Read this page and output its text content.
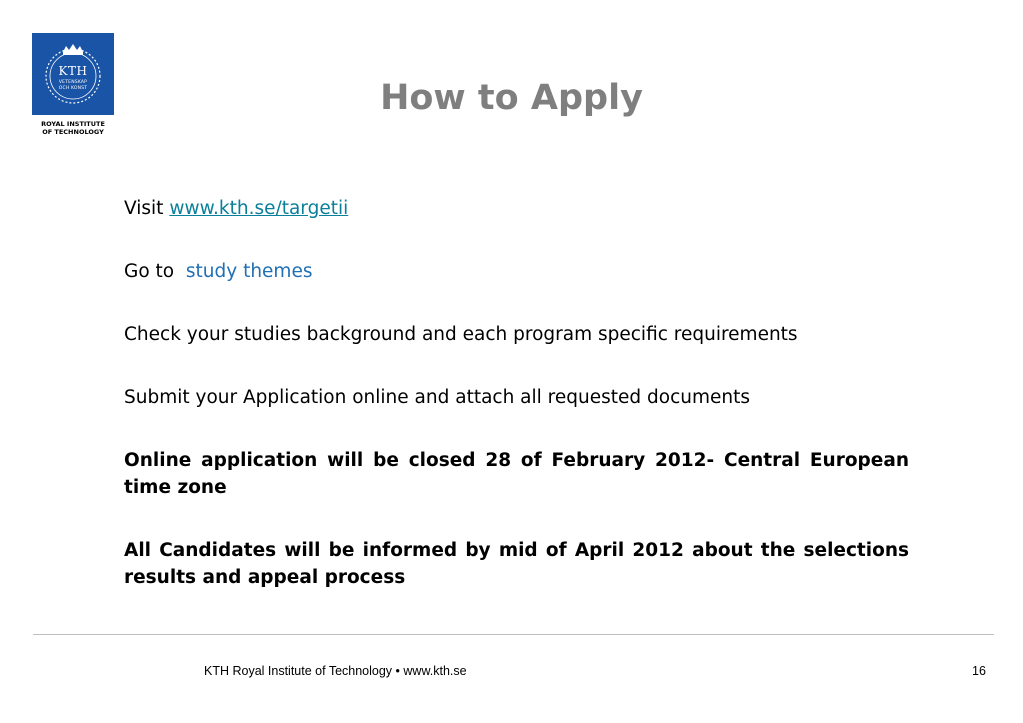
KTH
VETENSKAP
OCH KONST
ROYAL INSTITUTE
OF TECHNOLOGY
How to Apply

Visit www.kth.se/targetii

Go to study themes

Check your studies background and each program specific requirements

Submit your Application online and attach all requested documents

Online application will be closed 28 of February 2012- Central European time zone

All Candidates will be informed by mid of April 2012 about the selections results and appeal process

KTH Royal Institute of Technology • www.kth.se	16
